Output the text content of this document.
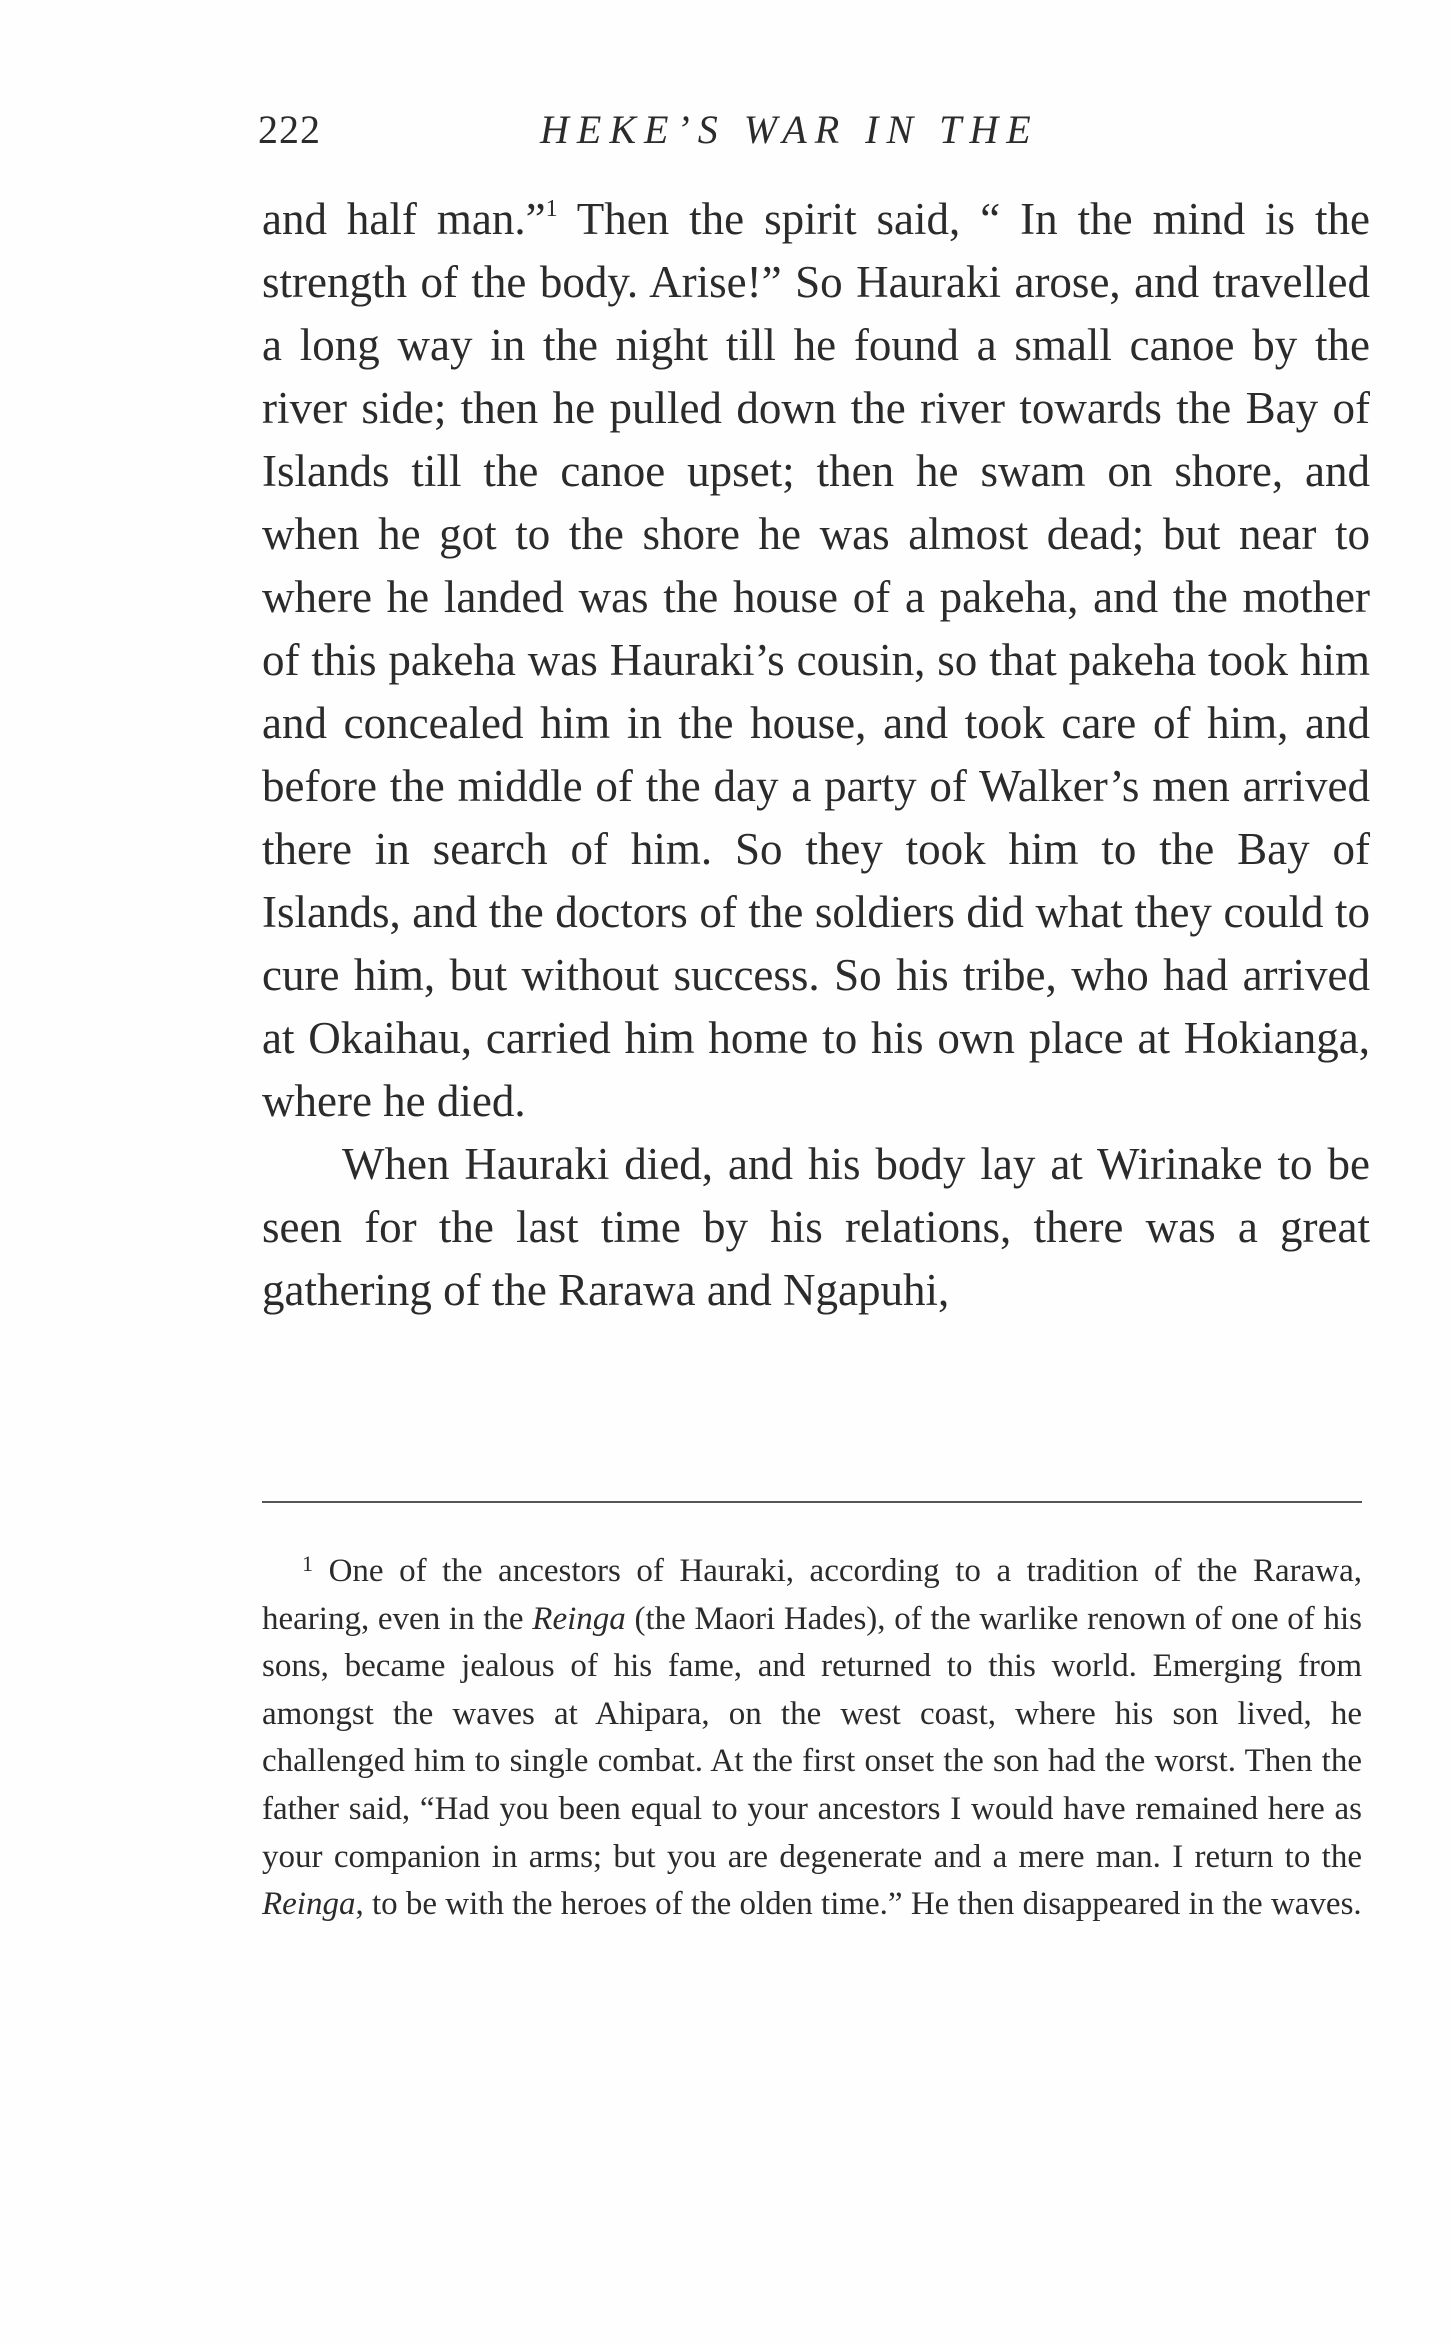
222	HEKE’S WAR IN THE

and half man.”$^1$ Then the spirit said, “ In the mind is the strength of the body. Arise!” So Hauraki arose, and travelled a long way in the night till he found a small canoe by the river side; then he pulled down the river towards the Bay of Islands till the canoe upset; then he swam on shore, and when he got to the shore he was almost dead; but near to where he landed was the house of a pakeha, and the mother of this pakeha was Hauraki’s cousin, so that pakeha took him and concealed him in the house, and took care of him, and before the middle of the day a party of Walker’s men arrived there in search of him. So they took him to the Bay of Islands, and the doctors of the soldiers did what they could to cure him, but without success. So his tribe, who had arrived at Okaihau, carried him home to his own place at Hokianga, where he died.

When Hauraki died, and his body lay at Wirinake to be seen for the last time by his relations, there was a great gathering of the Rarawa and Ngapuhi,

$^1$ One of the ancestors of Hauraki, according to a tradition of the Rarawa, hearing, even in the Reinga (the Maori Hades), of the warlike renown of one of his sons, became jealous of his fame, and returned to this world. Emerging from amongst the waves at Ahipara, on the west coast, where his son lived, he challenged him to single combat. At the first onset the son had the worst. Then the father said, “Had you been equal to your ancestors I would have remained here as your companion in arms; but you are degenerate and a mere man. I return to the Reinga, to be with the heroes of the olden time.” He then disappeared in the waves.
